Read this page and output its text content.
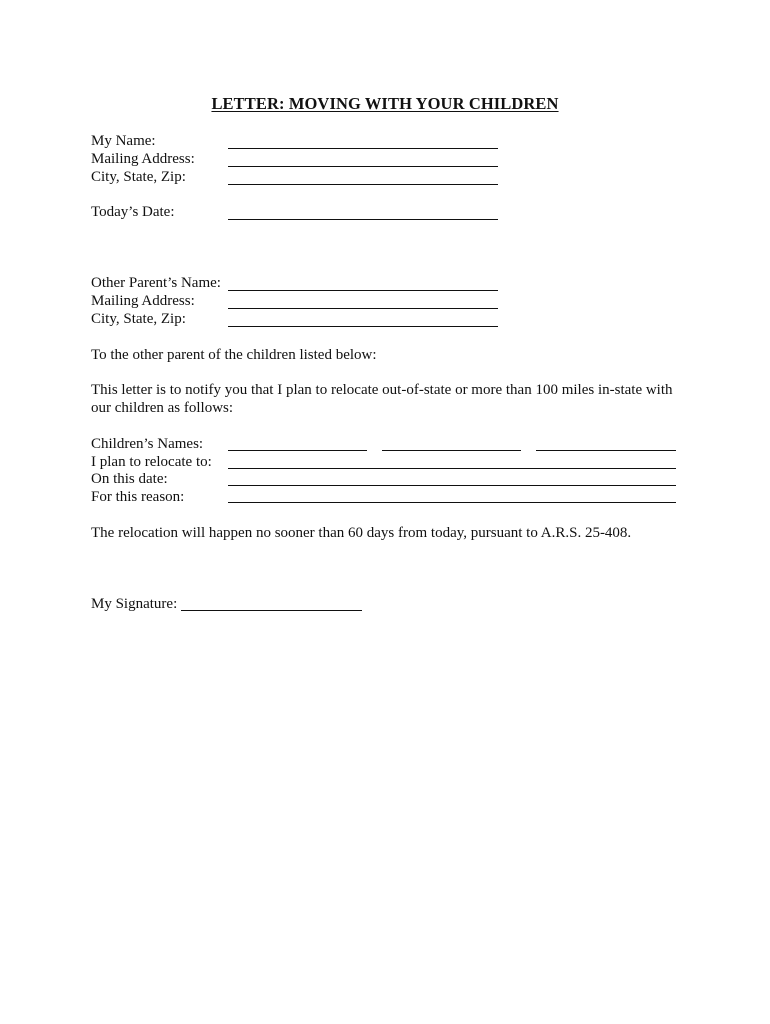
LETTER: MOVING WITH YOUR CHILDREN
My Name:
Mailing Address:
City, State, Zip:
Today’s Date:
Other Parent’s Name:
Mailing Address:
City, State, Zip:
To the other parent of the children listed below:
This letter is to notify you that I plan to relocate out-of-state or more than 100 miles in-state with our children as follows:
Children’s Names:
I plan to relocate to:
On this date:
For this reason:
The relocation will happen no sooner than 60 days from today, pursuant to A.R.S. 25-408.
My Signature:
